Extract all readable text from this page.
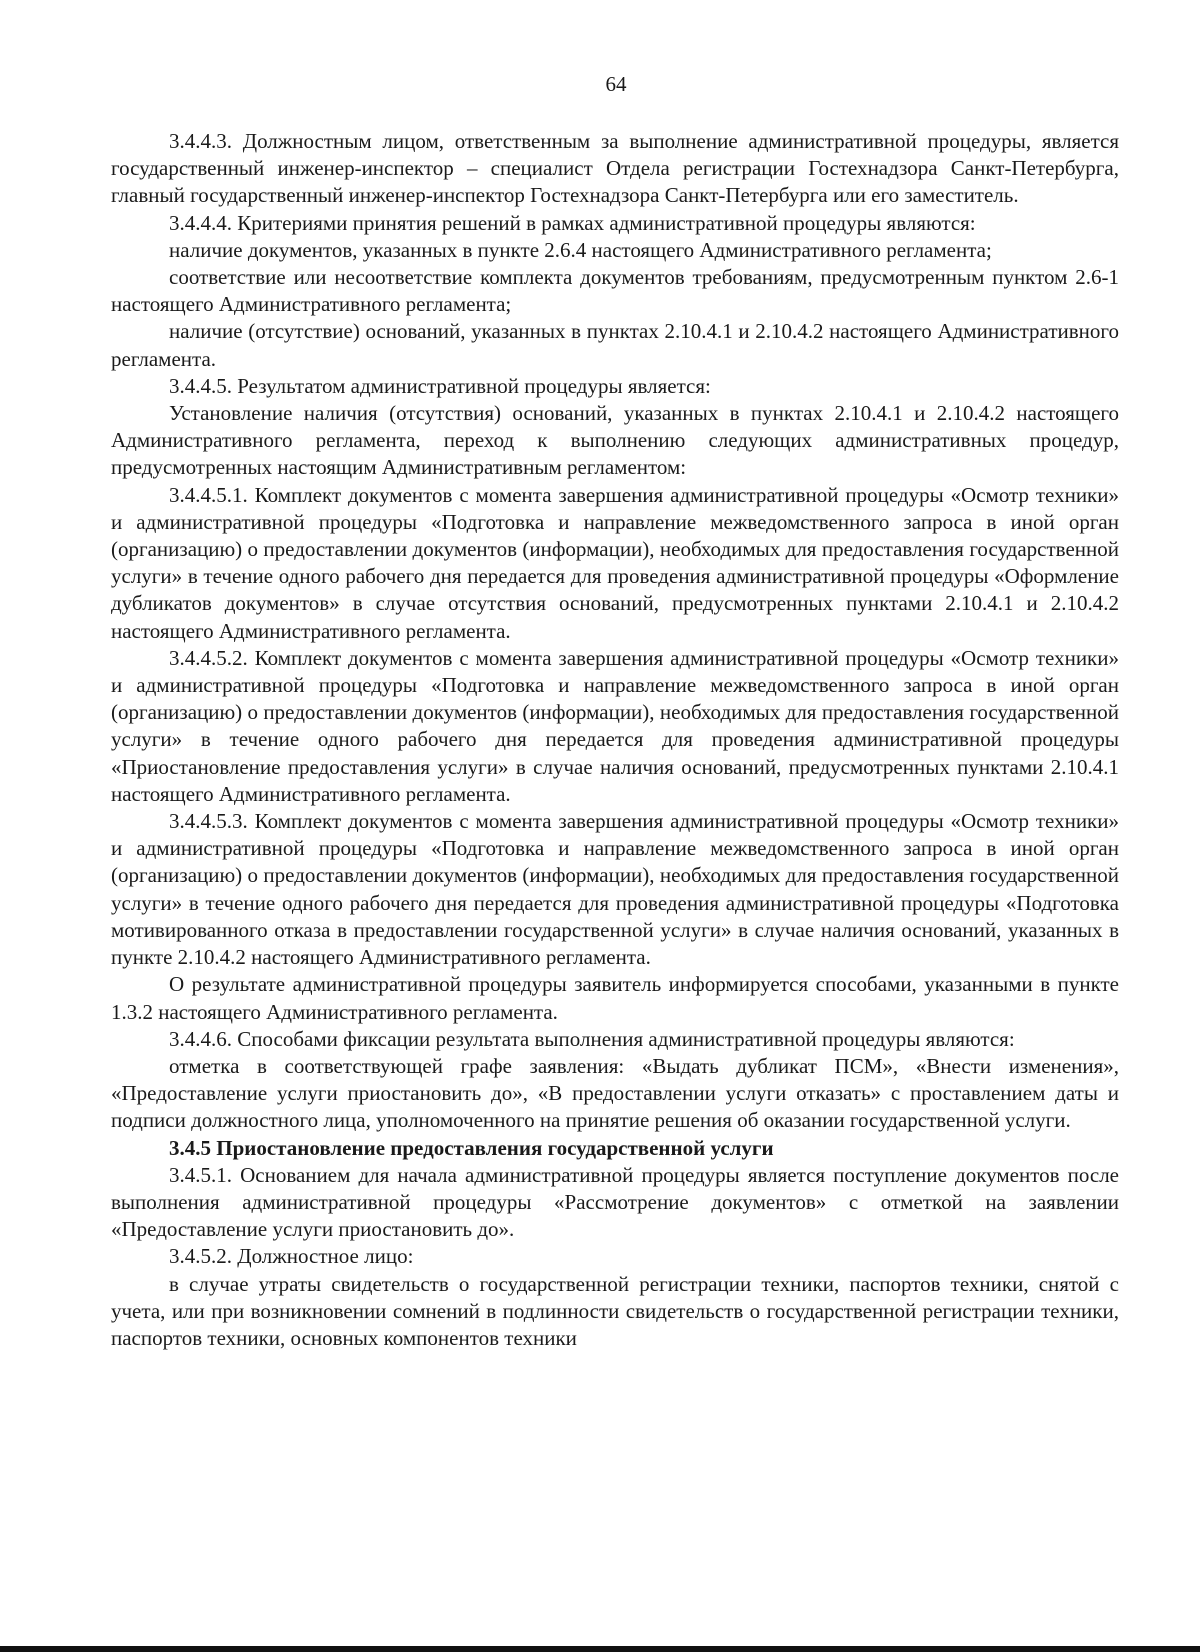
64

3.4.4.3. Должностным лицом, ответственным за выполнение административной процедуры, является государственный инженер-инспектор – специалист Отдела регистрации Гостехнадзора Санкт-Петербурга, главный государственный инженер-инспектор Гостехнадзора Санкт-Петербурга или его заместитель.

3.4.4.4. Критериями принятия решений в рамках административной процедуры являются:

наличие документов, указанных в пункте 2.6.4 настоящего Административного регламента;

соответствие или несоответствие комплекта документов требованиям, предусмотренным пунктом 2.6-1 настоящего Административного регламента;

наличие (отсутствие) оснований, указанных в пунктах 2.10.4.1 и 2.10.4.2 настоящего Административного регламента.

3.4.4.5. Результатом административной процедуры является:

Установление наличия (отсутствия) оснований, указанных в пунктах 2.10.4.1 и 2.10.4.2 настоящего Административного регламента, переход к выполнению следующих административных процедур, предусмотренных настоящим Административным регламентом:

3.4.4.5.1. Комплект документов с момента завершения административной процедуры «Осмотр техники» и административной процедуры «Подготовка и направление межведомственного запроса в иной орган (организацию) о предоставлении документов (информации), необходимых для предоставления государственной услуги» в течение одного рабочего дня передается для проведения административной процедуры «Оформление дубликатов документов» в случае отсутствия оснований, предусмотренных пунктами 2.10.4.1 и 2.10.4.2 настоящего Административного регламента.

3.4.4.5.2. Комплект документов с момента завершения административной процедуры «Осмотр техники» и административной процедуры «Подготовка и направление межведомственного запроса в иной орган (организацию) о предоставлении документов (информации), необходимых для предоставления государственной услуги» в течение одного рабочего дня передается для проведения административной процедуры «Приостановление предоставления услуги» в случае наличия оснований, предусмотренных пунктами 2.10.4.1 настоящего Административного регламента.

3.4.4.5.3. Комплект документов с момента завершения административной процедуры «Осмотр техники» и административной процедуры «Подготовка и направление межведомственного запроса в иной орган (организацию) о предоставлении документов (информации), необходимых для предоставления государственной услуги» в течение одного рабочего дня передается для проведения административной процедуры «Подготовка мотивированного отказа в предоставлении государственной услуги» в случае наличия оснований, указанных в пункте 2.10.4.2 настоящего Административного регламента.

О результате административной процедуры заявитель информируется способами, указанными в пункте 1.3.2 настоящего Административного регламента.

3.4.4.6. Способами фиксации результата выполнения административной процедуры являются:

отметка в соответствующей графе заявления: «Выдать дубликат ПСМ», «Внести изменения», «Предоставление услуги приостановить до», «В предоставлении услуги отказать» с проставлением даты и подписи должностного лица, уполномоченного на принятие решения об оказании государственной услуги.

3.4.5 Приостановление предоставления государственной услуги

3.4.5.1. Основанием для начала административной процедуры является поступление документов после выполнения административной процедуры «Рассмотрение документов» с отметкой на заявлении «Предоставление услуги приостановить до».

3.4.5.2. Должностное лицо:

в случае утраты свидетельств о государственной регистрации техники, паспортов техники, снятой с учета, или при возникновении сомнений в подлинности свидетельств о государственной регистрации техники, паспортов техники, основных компонентов техники
